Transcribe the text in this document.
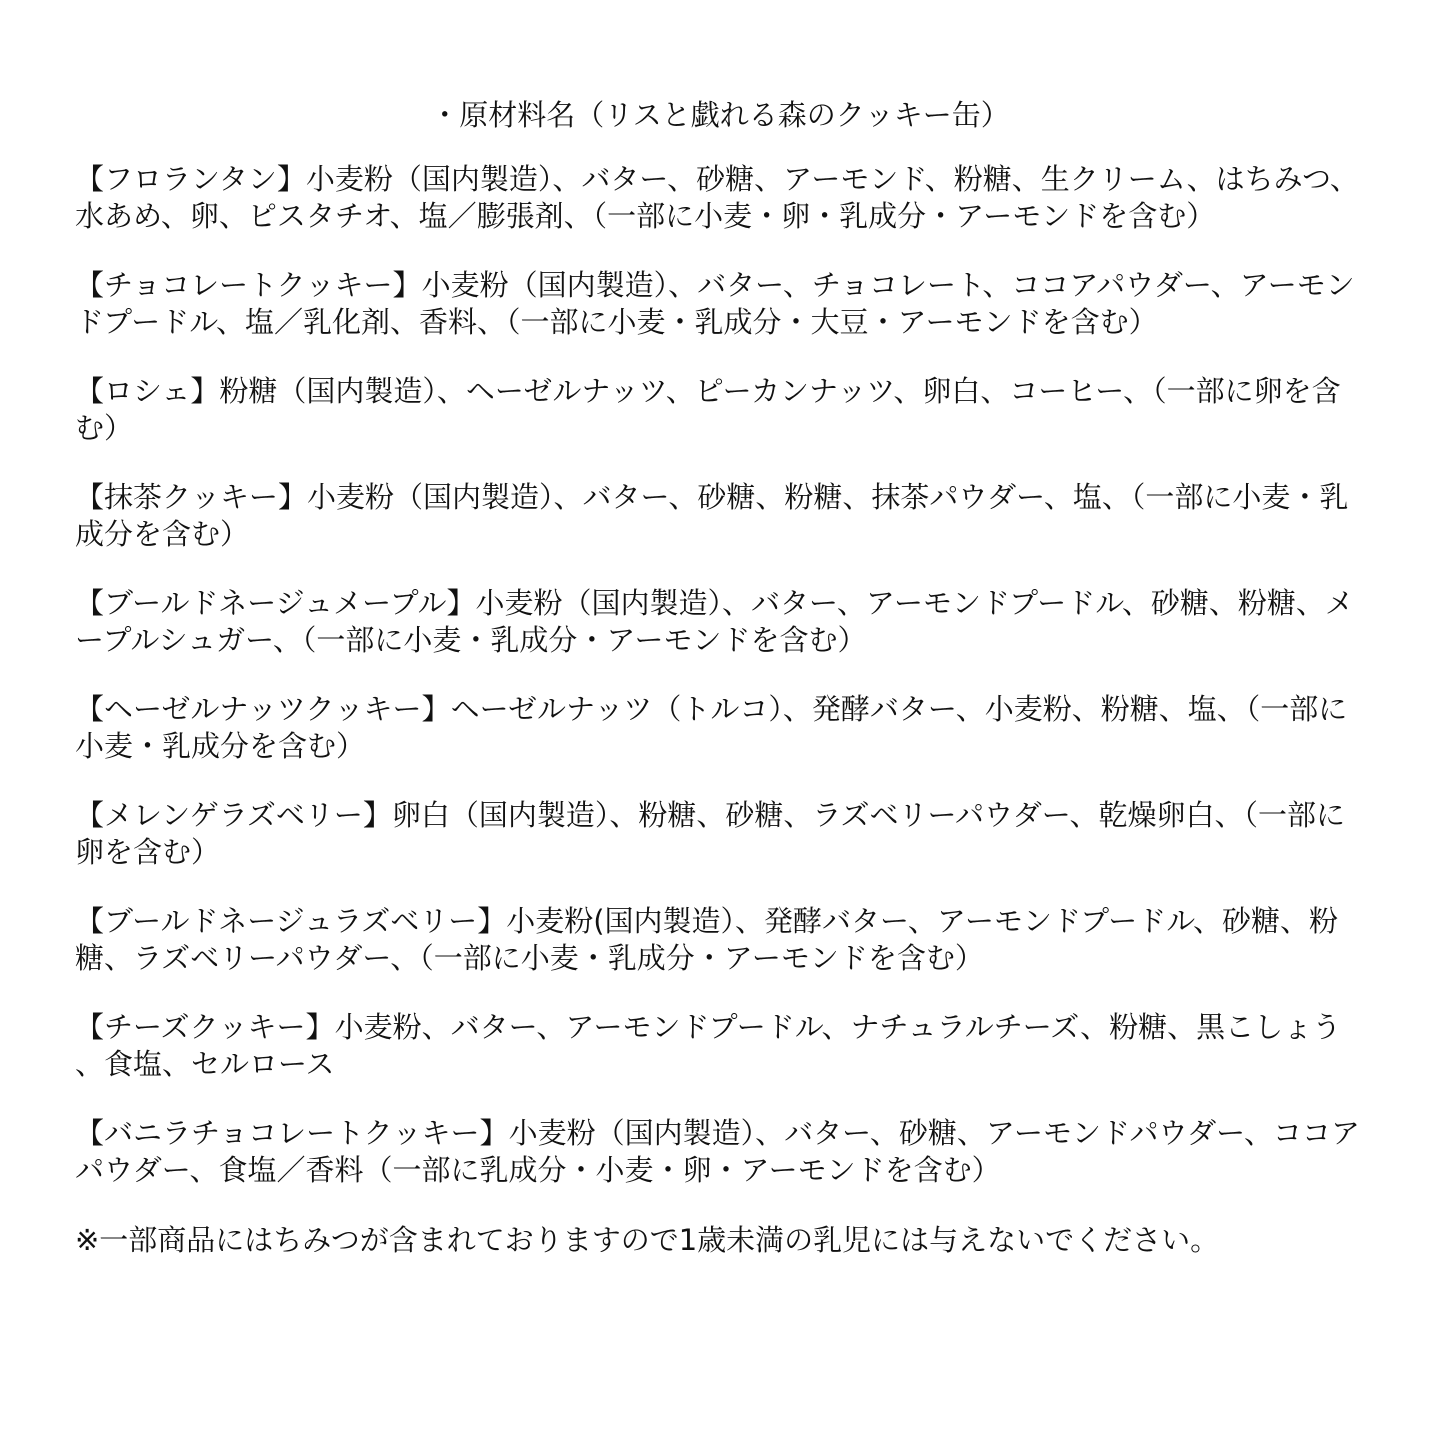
・原材料名（リスと戯れる森のクッキー缶）
【フロランタン】小麦粉（国内製造）、バター、砂糖、アーモンド、粉糖、生クリーム、はちみつ、水あめ、卵、ピスタチオ、塩／膨張剤、（一部に小麦・卵・乳成分・アーモンドを含む）
【チョコレートクッキー】小麦粉（国内製造）、バター、チョコレート、ココアパウダー、アーモンドプードル、塩／乳化剤、香料、（一部に小麦・乳成分・大豆・アーモンドを含む）
【ロシェ】粉糖（国内製造）、ヘーゼルナッツ、ピーカンナッツ、卵白、コーヒー、（一部に卵を含む）
【抹茶クッキー】小麦粉（国内製造）、バター、砂糖、粉糖、抹茶パウダー、塩、（一部に小麦・乳成分を含む）
【ブールドネージュメープル】小麦粉（国内製造）、バター、アーモンドプードル、砂糖、粉糖、メープルシュガー、（一部に小麦・乳成分・アーモンドを含む）
【ヘーゼルナッツクッキー】ヘーゼルナッツ（トルコ）、発酵バター、小麦粉、粉糖、塩、（一部に小麦・乳成分を含む）
【メレンゲラズベリー】卵白（国内製造）、粉糖、砂糖、ラズベリーパウダー、乾燥卵白、（一部に卵を含む）
【ブールドネージュラズベリー】小麦粉(国内製造）、発酵バター、アーモンドプードル、砂糖、粉糖、ラズベリーパウダー、（一部に小麦・乳成分・アーモンドを含む）
【チーズクッキー】小麦粉、バター、アーモンドプードル、ナチュラルチーズ、粉糖、黒こしょう、食塩、セルロース
【バニラチョコレートクッキー】小麦粉（国内製造）、バター、砂糖、アーモンドパウダー、ココアパウダー、食塩／香料（一部に乳成分・小麦・卵・アーモンドを含む）
※一部商品にはちみつが含まれておりますので1歳未満の乳児には与えないでください。
